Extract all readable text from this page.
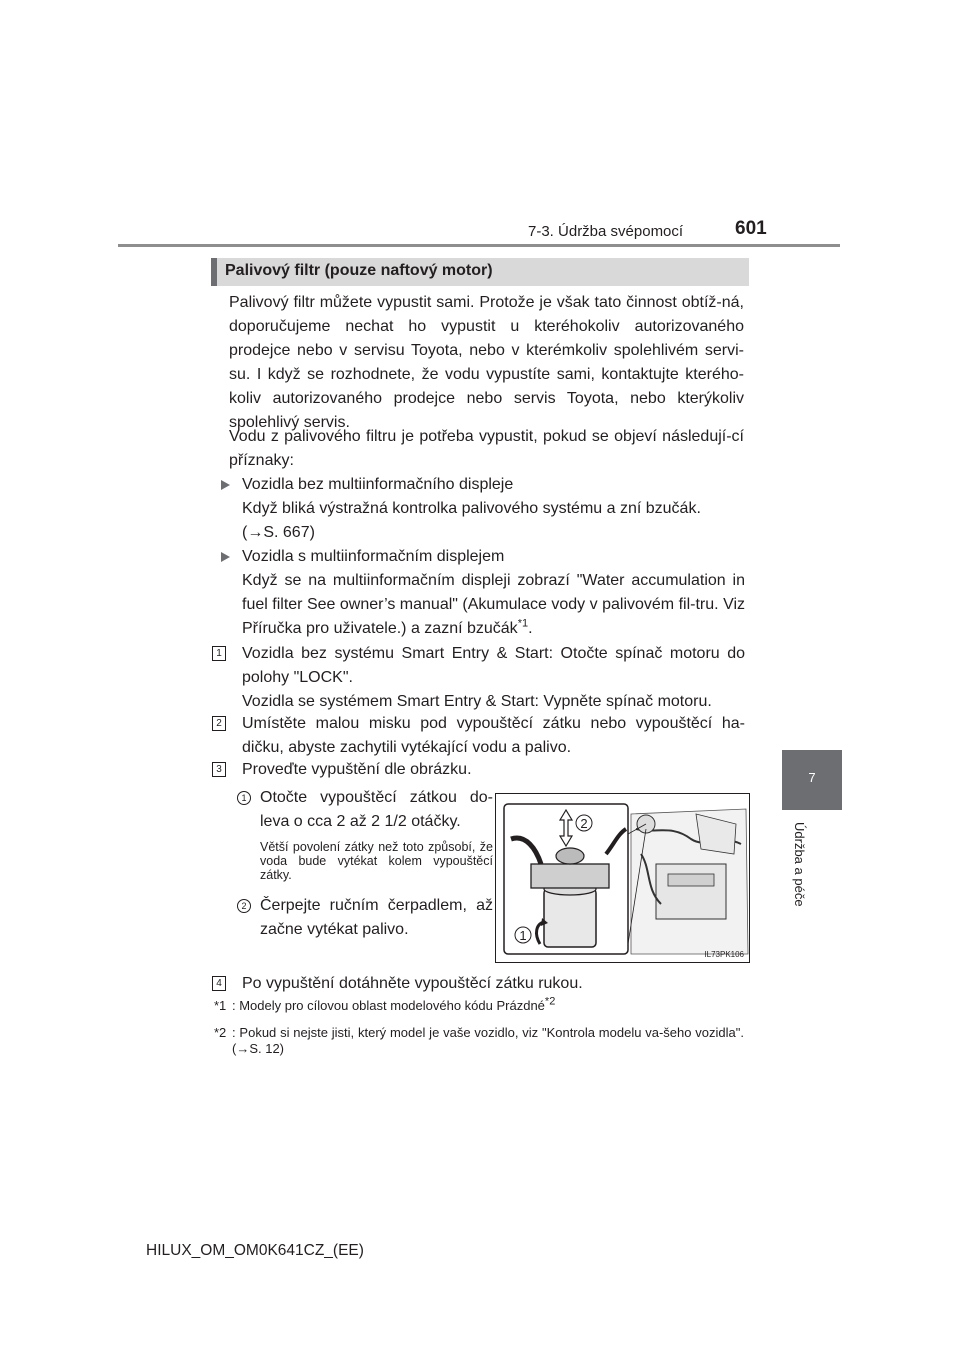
7-3. Údržba svépomocí	601
7
Údržba a péče
Palivový filtr (pouze naftový motor)
Palivový filtr můžete vypustit sami. Protože je však tato činnost obtíž-ná, doporučujeme nechat ho vypustit u kteréhokoliv autorizovaného prodejce nebo v servisu Toyota, nebo v kterémkoliv spolehlivém servi-su. I když se rozhodnete, že vodu vypustíte sami, kontaktujte kterého-koliv autorizovaného prodejce nebo servis Toyota, nebo kterýkoliv spolehlivý servis.
Vodu z palivového filtru je potřeba vypustit, pokud se objeví následují-cí příznaky:
Vozidla bez multiinformačního displeje
Když bliká výstražná kontrolka palivového systému a zní bzučák.
(→S. 667)
Vozidla s multiinformačním displejem
Když se na multiinformačním displeji zobrazí "Water accumulation in fuel filter See owner’s manual" (Akumulace vody v palivovém fil-tru. Viz Příručka pro uživatele.) a zazní bzučák$^{*1}$.
1 Vozidla bez systému Smart Entry & Start: Otočte spínač motoru do polohy "LOCK".
Vozidla se systémem Smart Entry & Start: Vypněte spínač motoru.
2 Umístěte malou misku pod vypouštěcí zátku nebo vypouštěcí ha-dičku, abyste zachytili vytékající vodu a palivo.
3 Proveďte vypuštění dle obrázku.
1 Otočte vypouštěcí zátkou do-leva o cca 2 až 2 1/2 otáčky.
Větší povolení zátky než toto způsobí, že voda bude vytékat kolem vypouštěcí zátky.
2 Čerpejte ručním čerpadlem, až začne vytékat palivo.
2
1
IL73PK106
4 Po vypuštění dotáhněte vypouštěcí zátku rukou.
*1 : Modely pro cílovou oblast modelového kódu Prázdné$^{*2}$
*2 : Pokud si nejste jisti, který model je vaše vozidlo, viz "Kontrola modelu va-šeho vozidla". (→S. 12)
HILUX_OM_OM0K641CZ_(EE)
